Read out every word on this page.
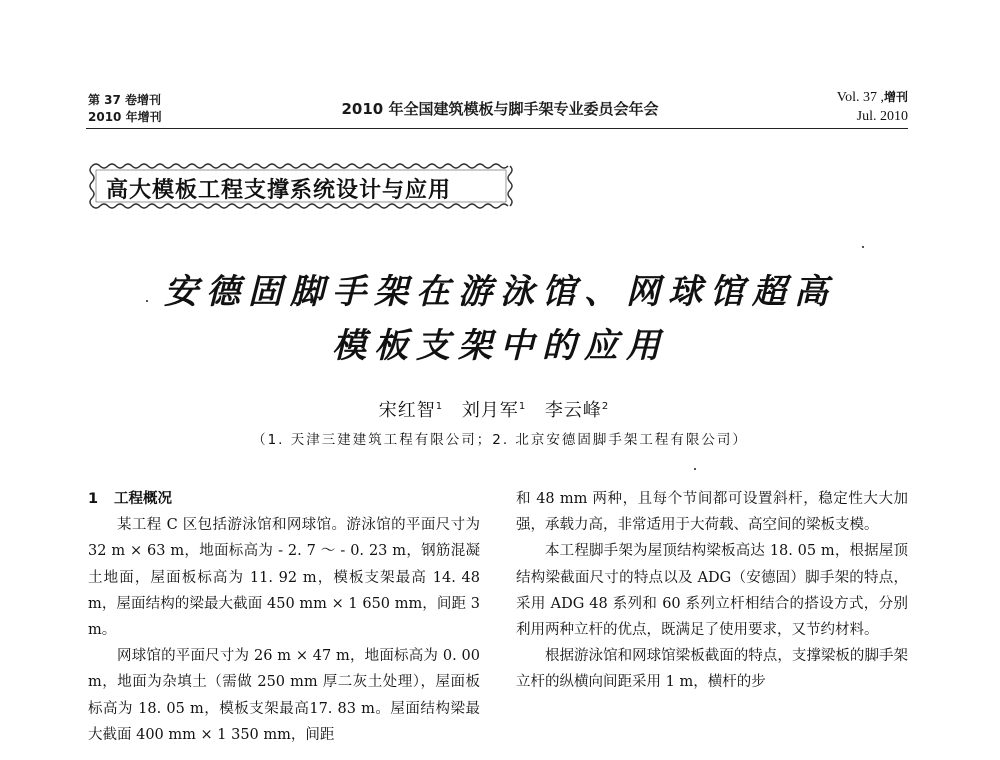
第 37 卷增刊
2010 年增刊	2010 年全国建筑模板与脚手架专业委员会年会
Vol. 37 ,增刊
Jul. 2010
高大模板工程支撑系统设计与应用
安德固脚手架在游泳馆、网球馆超高
模板支架中的应用
宋红智$^1$ 刘月军$^1$ 李云峰$^2$
（1. 天津三建建筑工程有限公司；2. 北京安德固脚手架工程有限公司）

1 工程概况

某工程 C 区包括游泳馆和网球馆。游泳馆的平面尺寸为 32 m × 63 m，地面标高为 - 2. 7 ～ - 0. 23 m，钢筋混凝土地面，屋面板标高为 11. 92 m，模板支架最高 14. 48 m，屋面结构的梁最大截面 450 mm × 1 650 mm，间距 3 m。

网球馆的平面尺寸为 26 m × 47 m，地面标高为 0. 00 m，地面为杂填土（需做 250 mm 厚二灰土处理），屋面板标高为 18. 05 m，模板支架最高17. 83 m。屋面结构梁最大截面 400 mm × 1 350 mm，间距

和 48 mm 两种，且每个节间都可设置斜杆，稳定性大大加强，承载力高，非常适用于大荷载、高空间的梁板支模。

本工程脚手架为屋顶结构梁板高达 18. 05 m，根据屋顶结构梁截面尺寸的特点以及 ADG（安德固）脚手架的特点，采用 ADG 48 系列和 60 系列立杆相结合的搭设方式，分别利用两种立杆的优点，既满足了使用要求，又节约材料。

根据游泳馆和网球馆梁板截面的特点，支撑梁板的脚手架立杆的纵横向间距采用 1 m，横杆的步
